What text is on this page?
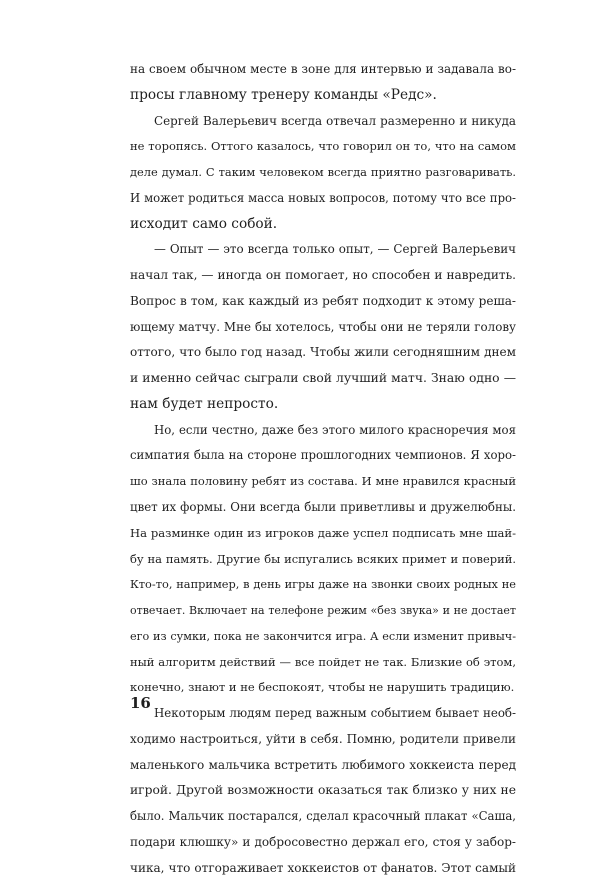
на своем обычном месте в зоне для интервью и задавала во-
просы главному тренеру команды «Редс».
Сергей Валерьевич всегда отвечал размеренно и никуда
не торопясь. Оттого казалось, что говорил он то, что на самом
деле думал. С таким человеком всегда приятно разговаривать.
И может родиться масса новых вопросов, потому что все про-
исходит само собой.
— Опыт — это всегда только опыт, — Сергей Валерьевич
начал так, — иногда он помогает, но способен и навредить.
Вопрос в том, как каждый из ребят подходит к этому реша-
ющему матчу. Мне бы хотелось, чтобы они не теряли голову
оттого, что было год назад. Чтобы жили сегодняшним днем
и именно сейчас сыграли свой лучший матч. Знаю одно —
нам будет непросто.
Но, если честно, даже без этого милого красноречия моя
симпатия была на стороне прошлогодних чемпионов. Я хоро-
шо знала половину ребят из состава. И мне нравился красный
цвет их формы. Они всегда были приветливы и дружелюбны.
На разминке один из игроков даже успел подписать мне шай-
бу на память. Другие бы испугались всяких примет и поверий.
Кто-то, например, в день игры даже на звонки своих родных не
отвечает. Включает на телефоне режим «без звука» и не достает
его из сумки, пока не закончится игра. А если изменит привыч-
ный алгоритм действий — все пойдет не так. Близкие об этом,
конечно, знают и не беспокоят, чтобы не нарушить традицию.
Некоторым людям перед важным событием бывает необ-
ходимо настроиться, уйти в себя. Помню, родители привели
маленького мальчика встретить любимого хоккеиста перед
игрой. Другой возможности оказаться так близко у них не
было. Мальчик постарался, сделал красочный плакат «Саша,
подари клюшку» и добросовестно держал его, стоя у забор-
чика, что отгораживает хоккеистов от фанатов. Этот самый
16
